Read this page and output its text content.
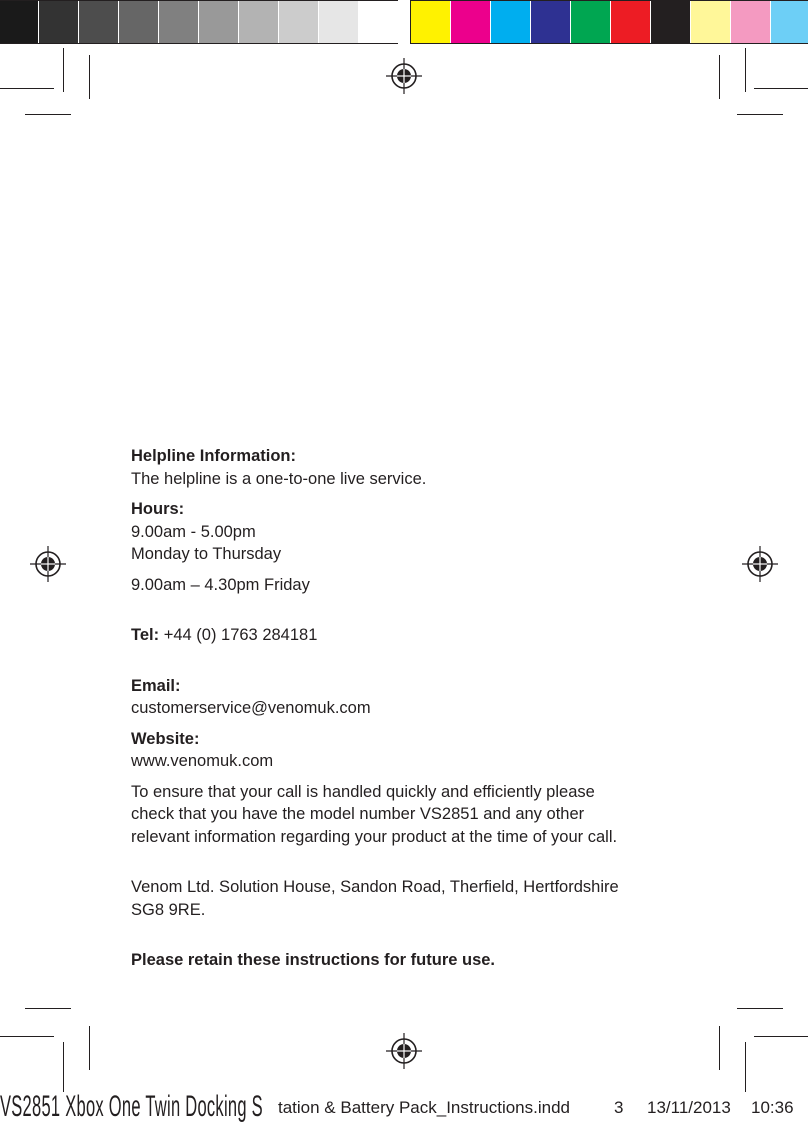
Helpline Information:
The helpline is a one-to-one live service.
Hours:
9.00am - 5.00pm
Monday to Thursday
9.00am – 4.30pm Friday
Tel: +44 (0) 1763 284181
Email:
customerservice@venomuk.com
Website:
www.venomuk.com
To ensure that your call is handled quickly and efficiently please
check that you have the model number VS2851 and any other
relevant information regarding your product at the time of your call.
Venom Ltd. Solution House, Sandon Road, Therfield, Hertfordshire
SG8 9RE.
Please retain these instructions for future use.
VS2851 Xbox One Twin Docking S tation & Battery Pack_Instructions.indd	3 13/11/2013 10:36
